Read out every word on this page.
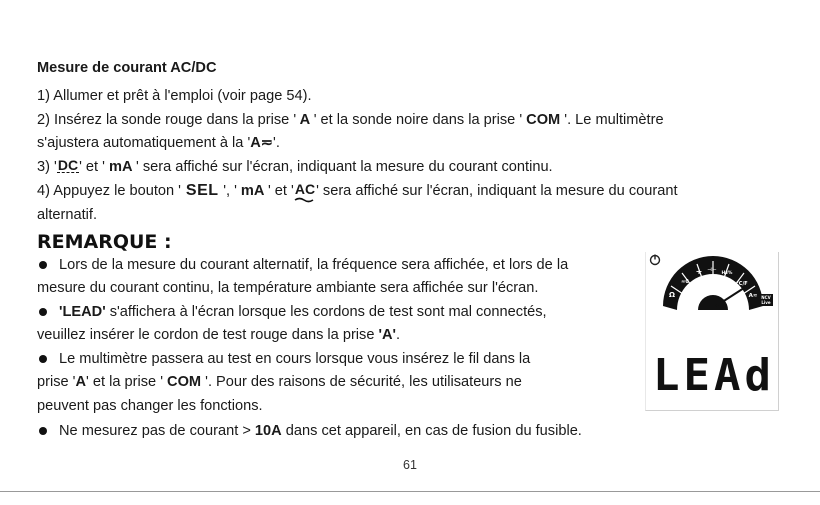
Mesure de courant AC/DC
1) Allumer et prêt à l'emploi (voir page 54).
2) Insérez la sonde rouge dans la prise ' A ' et la sonde noire dans la prise ' COM '. Le multimètre
s'ajustera automatiquement à la 'A≂'.
3) 'DC' et ' mA ' sera affiché sur l'écran, indiquant la mesure du courant continu.
4) Appuyez le bouton ' SEL ', ' mA ' et 'AC
' sera affiché sur l'écran, indiquant la mesure du courant
alternatif.
REMARQUE :
Lors de la mesure du courant alternatif, la fréquence sera affichée, et lors de la
mesure du courant continu, la température ambiante sera affichée sur l'écran.
'LEAD' s'affichera à l'écran lorsque les cordons de test sont mal connectés,
veuillez insérer le cordon de test rouge dans la prise 'A'.
Le multimètre passera au test en cours lorsque vous insérez le fil dans la
prise 'A' et la prise ' COM '. Pour des raisons de sécurité, les utilisateurs ne
peuvent pas changer les fonctions.
Ne mesurez pas de courant > 10A dans cet appareil, en cas de fusion du fusible.
Ω
≈0
+ ⊣⊢
Hz%
°C/F
A≂
V≂	NCV
Live
LEAd
61
